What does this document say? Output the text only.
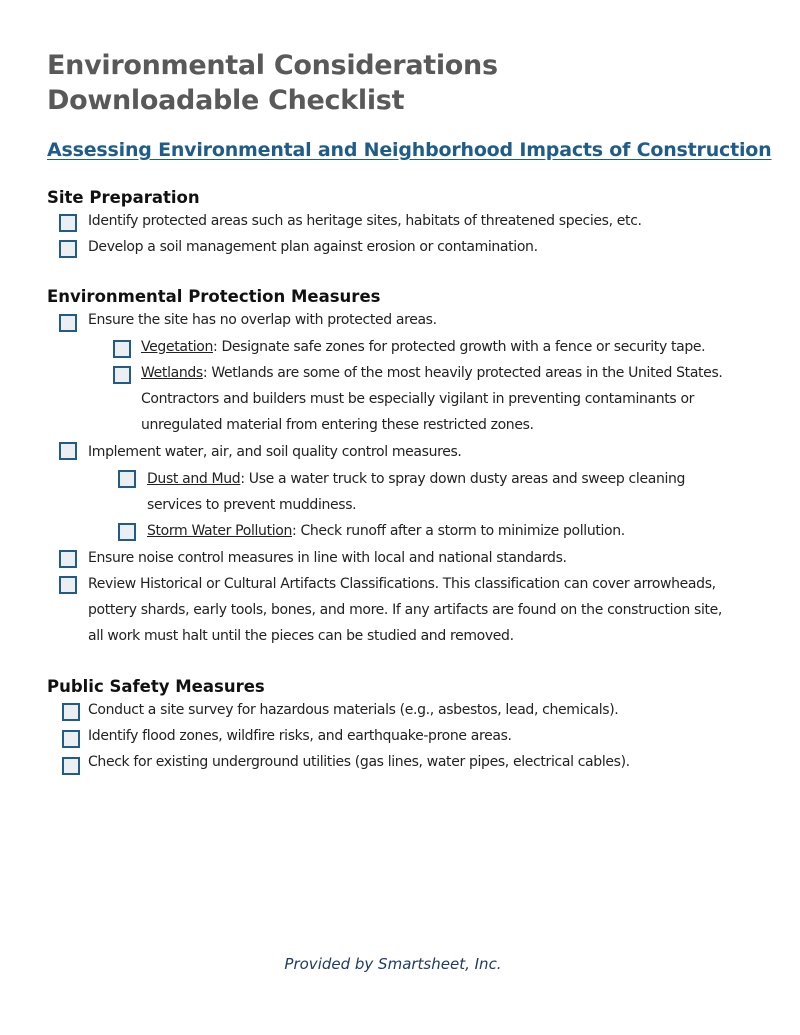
Environmental Considerations
Downloadable Checklist
Assessing Environmental and Neighborhood Impacts of Construction
Site Preparation

Identify protected areas such as heritage sites, habitats of threatened species, etc.

Develop a soil management plan against erosion or contamination.

Environmental Protection Measures

Ensure the site has no overlap with protected areas.

Vegetation: Designate safe zones for protected growth with a fence or security tape.

Wetlands: Wetlands are some of the most heavily protected areas in the United States.

Contractors and builders must be especially vigilant in preventing contaminants or

unregulated material from entering these restricted zones.

Implement water, air, and soil quality control measures.

Dust and Mud: Use a water truck to spray down dusty areas and sweep cleaning

services to prevent muddiness.

Storm Water Pollution: Check runoff after a storm to minimize pollution.

Ensure noise control measures in line with local and national standards.

Review Historical or Cultural Artifacts Classifications. This classification can cover arrowheads,

pottery shards, early tools, bones, and more. If any artifacts are found on the construction site,

all work must halt until the pieces can be studied and removed.

Public Safety Measures

Conduct a site survey for hazardous materials (e.g., asbestos, lead, chemicals).

Identify flood zones, wildfire risks, and earthquake-prone areas.

Check for existing underground utilities (gas lines, water pipes, electrical cables).

Provided by Smartsheet, Inc.
